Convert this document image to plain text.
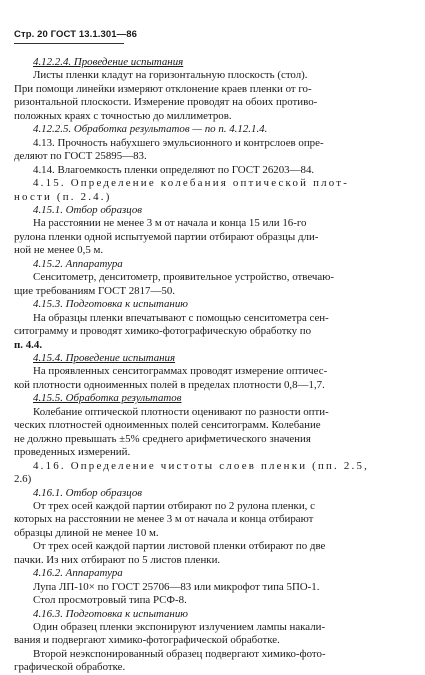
Стр. 20 ГОСТ 13.1.301—86

4.12.2.4. Проведение испытания

Листы пленки кладут на горизонтальную плоскость (стол).

При помощи линейки измеряют отклонение краев пленки от го-

ризонтальной плоскости. Измерение проводят на обоих противо-

положных краях с точностью до миллиметров.

4.12.2.5. Обработка результатов — по п. 4.12.1.4.

4.13. Прочность набухшего эмульсионного и контрслоев опре-

деляют по ГОСТ 25895—83.

4.14. Влагоемкость пленки определяют по ГОСТ 26203—84.

4.15. Определение колебания оптической плот-

ности (п. 2.4.)

4.15.1. Отбор образцов

На расстоянии не менее 3 м от начала и конца 15 или 16-го

рулона пленки одной испытуемой партии отбирают образцы дли-

ной не менее 0,5 м.

4.15.2. Аппаратура

Сенситометр, денситометр, проявительное устройство, отвечаю-

щие требованиям ГОСТ 2817—50.

4.15.3. Подготовка к испытанию

На образцы пленки впечатывают с помощью сенситометра сен-

ситограмму и проводят химико-фотографическую обработку по

п. 4.4.

4.15.4. Проведение испытания

На проявленных сенситограммах проводят измерение оптичес-

кой плотности одноименных полей в пределах плотности 0,8—1,7.

4.15.5. Обработка результатов

Колебание оптической плотности оценивают по разности опти-

ческих плотностей одноименных полей сенситограмм. Колебание

не должно превышать ±5% среднего арифметического значения

проведенных измерений.

4.16. Определение чистоты слоев пленки (пп. 2.5,

2.6)

4.16.1. Отбор образцов

От трех осей каждой партии отбирают по 2 рулона пленки, с

которых на расстоянии не менее 3 м от начала и конца отбирают

образцы длиной не менее 10 м.

От трех осей каждой партии листовой пленки отбирают по две

пачки. Из них отбирают по 5 листов пленки.

4.16.2. Аппаратура

Лупа ЛП-10× по ГОСТ 25706—83 или микрофот типа 5ПО-1.

Стол просмотровый типа РСФ-8.

4.16.3. Подготовка к испытанию

Один образец пленки экспонируют излучением лампы накали-

вания и подвергают химико-фотографической обработке.

Второй неэкспонированный образец подвергают химико-фото-

графической обработке.
